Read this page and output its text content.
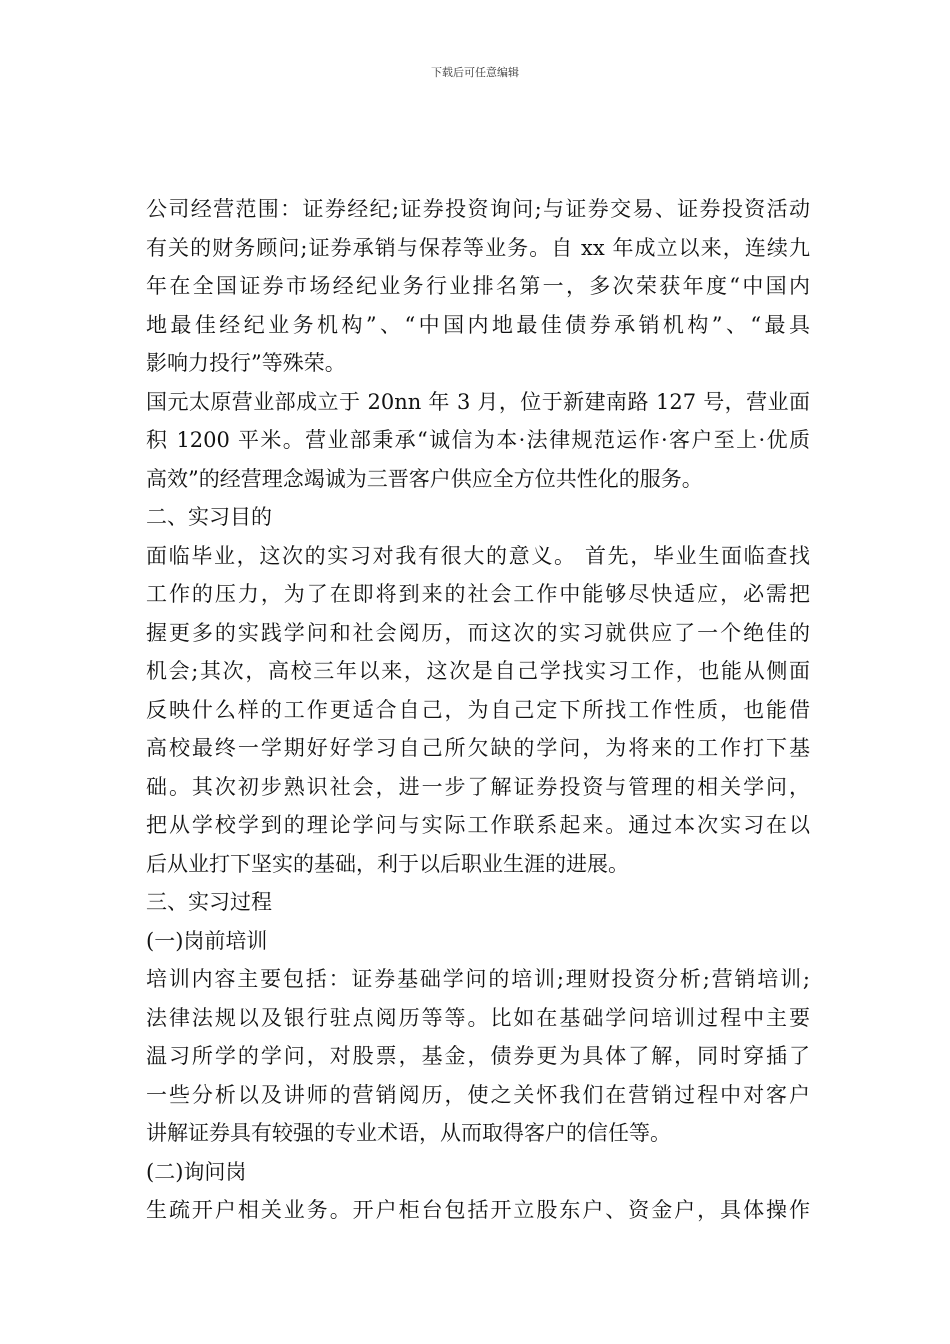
下载后可任意编辑
公司经营范围：证券经纪;证券投资询问;与证券交易、证券投资活动
有关的财务顾问;证券承销与保荐等业务。自 xx 年成立以来，连续九
年在全国证券市场经纪业务行业排名第一，多次荣获年度“中国内
地最佳经纪业务机构”、“中国内地最佳债券承销机构”、“最具
影响力投行”等殊荣。
国元太原营业部成立于 20nn 年 3 月，位于新建南路 127 号，营业面
积 1200 平米。营业部秉承“诚信为本·法律规范运作·客户至上·优质
高效”的经营理念竭诚为三晋客户供应全方位共性化的服务。
二、实习目的
面临毕业，这次的实习对我有很大的意义。 首先，毕业生面临查找
工作的压力，为了在即将到来的社会工作中能够尽快适应，必需把
握更多的实践学问和社会阅历，而这次的实习就供应了一个绝佳的
机会;其次，高校三年以来，这次是自己学找实习工作，也能从侧面
反映什么样的工作更适合自己，为自己定下所找工作性质，也能借
高校最终一学期好好学习自己所欠缺的学问，为将来的工作打下基
础。其次初步熟识社会，进一步了解证券投资与管理的相关学问，
把从学校学到的理论学问与实际工作联系起来。通过本次实习在以
后从业打下坚实的基础，利于以后职业生涯的进展。
三、实习过程
(一)岗前培训
培训内容主要包括：证券基础学问的培训;理财投资分析;营销培训;
法律法规以及银行驻点阅历等等。比如在基础学问培训过程中主要
温习所学的学问，对股票，基金，债券更为具体了解，同时穿插了
一些分析以及讲师的营销阅历，使之关怀我们在营销过程中对客户
讲解证券具有较强的专业术语，从而取得客户的信任等。
(二)询问岗
生疏开户相关业务。开户柜台包括开立股东户、资金户，具体操作
